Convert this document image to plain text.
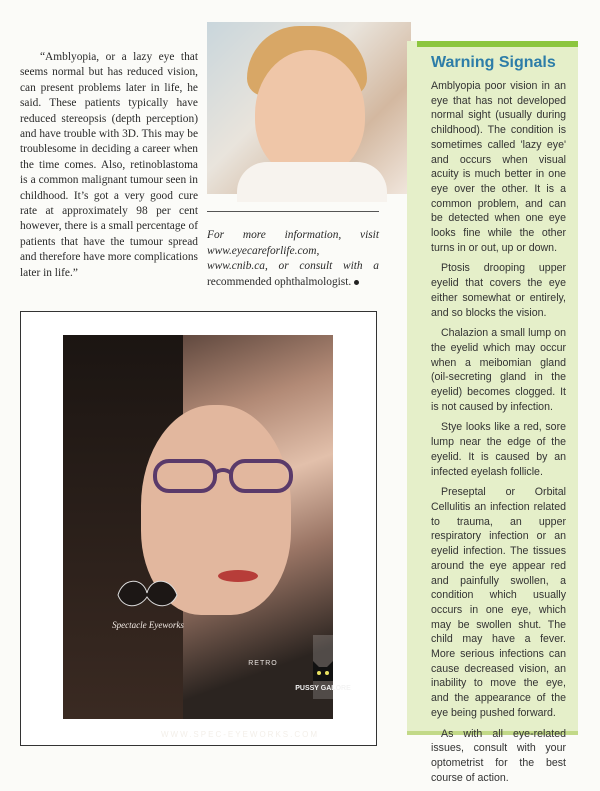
“Amblyopia, or a lazy eye that seems normal but has reduced vision, can present problems later in life, he said. These patients typically have reduced stereopsis (depth perception) and have trouble with 3D. This may be troublesome in deciding a career when the time comes. Also, retinoblastoma is a common malignant tumour seen in childhood. It’s got a very good cure rate at approximately 98 per cent however, there is a small percentage of patients that have the tumour spread and therefore have more complications later in life.”

For more information, visit www.eyecareforlife.com, www.cnib.ca, or consult with a recommended ophthalmologist.

Warning Signals

Amblyopia poor vision in an eye that has not developed normal sight (usually during childhood). The condition is sometimes called 'lazy eye' and occurs when visual acuity is much better in one eye over the other. It is a common problem, and can be detected when one eye looks fine while the other turns in or out, up or down.

Ptosis drooping upper eyelid that covers the eye either somewhat or entirely, and so blocks the vision.

Chalazion a small lump on the eyelid which may occur when a meibomian gland (oil-secreting gland in the eyelid) becomes clogged. It is not caused by infection.

Stye looks like a red, sore lump near the edge of the eyelid. It is caused by an infected eyelash follicle.

Preseptal or Orbital Cellulitis an infection related to trauma, an upper respiratory infection or an eyelid infection. The tissues around the eye appear red and painfully swollen, a condition which usually occurs in one eye, which may be swollen shut. The child may have a fever. More serious infections can cause decreased vision, an inability to move the eye, and the appearance of the eye being pushed forward.

As with all eye-related issues, consult with your optometrist for the best course of action.

Spectacle Eyeworks
RETRO
PUSSY GALORE
WWW.SPEC-EYEWORKS.COM
